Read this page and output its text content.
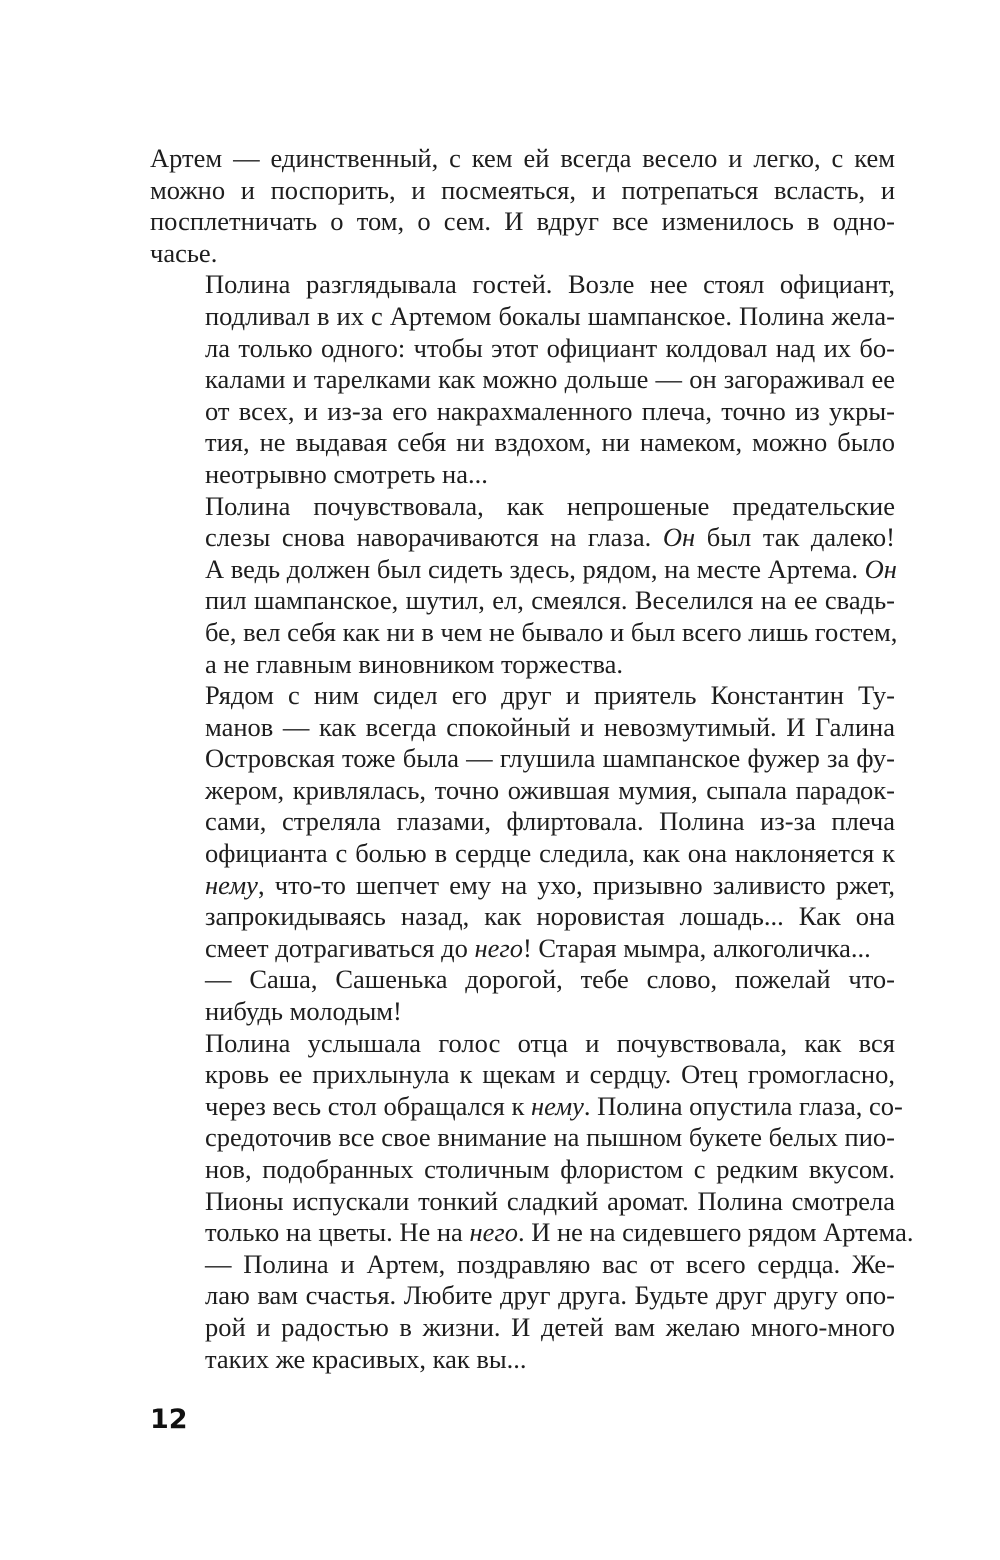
Артем — единственный, с кем ей всегда весело и легко, с кем
можно и поспорить, и посмеяться, и потрепаться всласть, и
посплетничать о том, о сем. И вдруг все изменилось в одно-
часье.

Полина разглядывала гостей. Возле нее стоял официант,
подливал в их с Артемом бокалы шампанское. Полина жела-
ла только одного: чтобы этот официант колдовал над их бо-
калами и тарелками как можно дольше — он загораживал ее
от всех, и из-за его накрахмаленного плеча, точно из укры-
тия, не выдавая себя ни вздохом, ни намеком, можно было
неотрывно смотреть на...

Полина почувствовала, как непрошеные предательские
слезы снова наворачиваются на глаза. Он был так далеко!
А ведь должен был сидеть здесь, рядом, на месте Артема. Он
пил шампанское, шутил, ел, смеялся. Веселился на ее свадь-
бе, вел себя как ни в чем не бывало и был всего лишь гостем,
а не главным виновником торжества.

Рядом с ним сидел его друг и приятель Константин Ту-
манов — как всегда спокойный и невозмутимый. И Галина
Островская тоже была — глушила шампанское фужер за фу-
жером, кривлялась, точно ожившая мумия, сыпала парадок-
сами, стреляла глазами, флиртовала. Полина из-за плеча
официанта с болью в сердце следила, как она наклоняется к
нему, что-то шепчет ему на ухо, призывно заливисто ржет,
запрокидываясь назад, как норовистая лошадь... Как она
смеет дотрагиваться до него! Старая мымра, алкоголичка...

— Саша, Сашенька дорогой, тебе слово, пожелай что-
нибудь молодым!

Полина услышала голос отца и почувствовала, как вся
кровь ее прихлынула к щекам и сердцу. Отец громогласно,
через весь стол обращался к нему. Полина опустила глаза, со-
средоточив все свое внимание на пышном букете белых пио-
нов, подобранных столичным флористом с редким вкусом.
Пионы испускали тонкий сладкий аромат. Полина смотрела
только на цветы. Не на него. И не на сидевшего рядом Артема.

— Полина и Артем, поздравляю вас от всего сердца. Же-
лаю вам счастья. Любите друг друга. Будьте друг другу опо-
рой и радостью в жизни. И детей вам желаю много-много
таких же красивых, как вы...

12
